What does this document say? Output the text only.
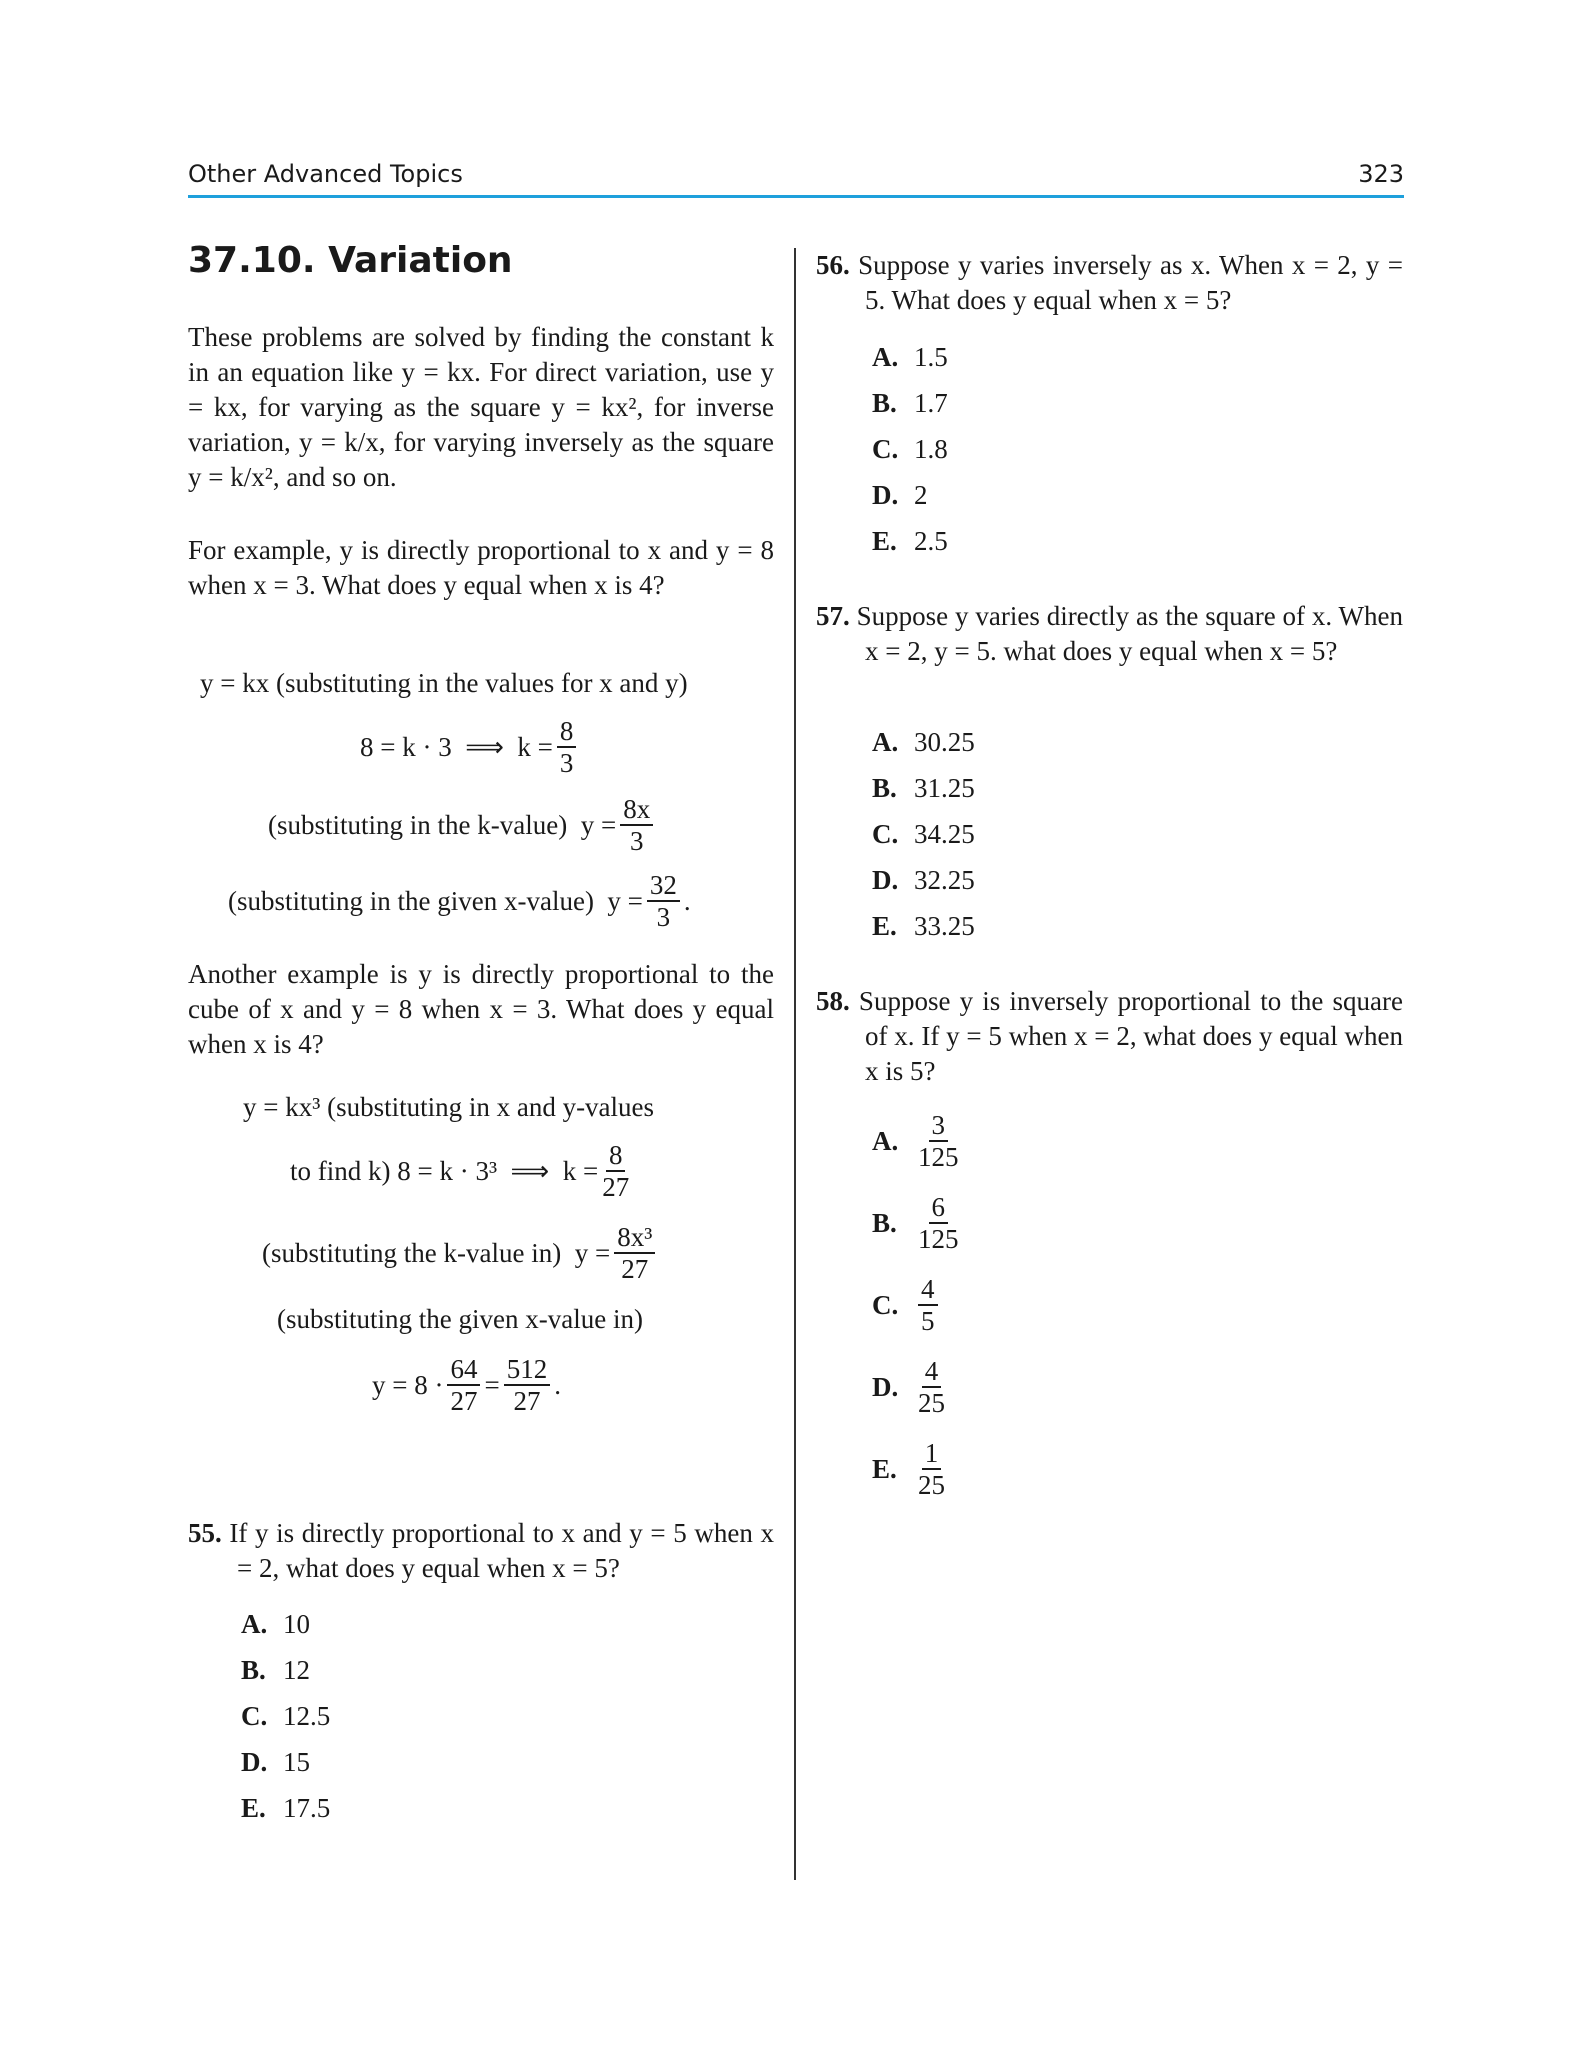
Other Advanced Topics	323
37.10. Variation
These problems are solved by finding the constant k in an equation like y = kx. For direct variation, use y = kx, for varying as the square y = kx², for inverse variation, y = k/x, for varying inversely as the square y = k/x², and so on.
For example, y is directly proportional to x and y = 8 when x = 3. What does y equal when x is 4?
y = kx (substituting in the values for x and y)
8 = k · 3  ⟹  $k = \frac{8}{3}$
(substituting in the k-value)  $y = \frac{8x}{3}$
(substituting in the given x-value)  $y = \frac{32}{3}$ .
Another example is y is directly proportional to the cube of x and y = 8 when x = 3. What does y equal when x is 4?
y = kx³ (substituting in x and y-values
to find k) 8 = k · 3³  ⟹  $k = \frac{8}{27}$
(substituting the k-value in)  $y = \frac{\text{8x³}}{27}$
(substituting the given x-value in)
$y = 8 \cdot \frac{64}{27} = \frac{512}{27}$ .
55. If y is directly proportional to x and y = 5 when x = 2, what does y equal when x = 5?
A. 10
B. 12
C. 12.5
D. 15
E. 17.5
56. Suppose y varies inversely as x. When x = 2, y = 5. What does y equal when x = 5?
A. 1.5
B. 1.7
C. 1.8
D. 2
E. 2.5
57. Suppose y varies directly as the square of x. When x = 2, y = 5. what does y equal when x = 5?
A. 30.25
B. 31.25
C. 34.25
D. 32.25
E. 33.25
58. Suppose y is inversely proportional to the square of x. If y = 5 when x = 2, what does y equal when x is 5?
A. $\frac{3}{125}$
B. $\frac{6}{125}$
C. $\frac{4}{5}$
D. $\frac{4}{25}$
E. $\frac{1}{25}$
